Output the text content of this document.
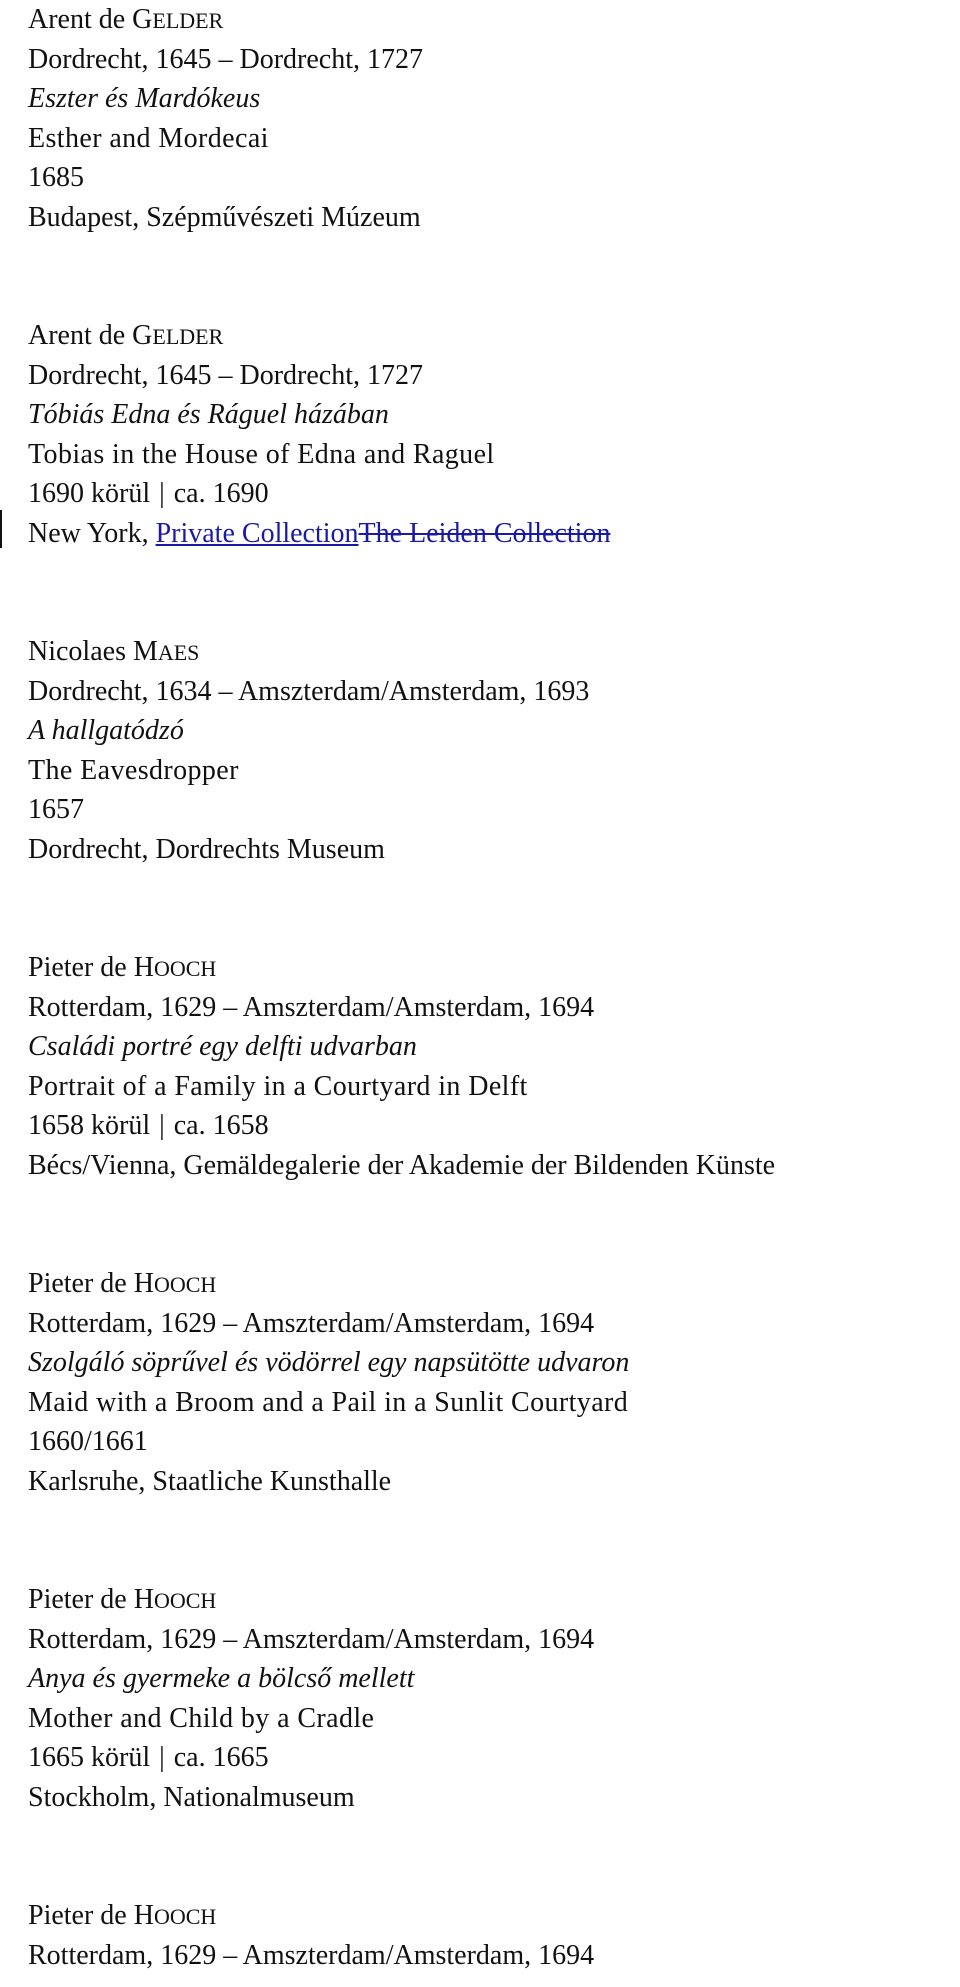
Arent de GELDER
Dordrecht, 1645 – Dordrecht, 1727
Eszter és Mardókeus
Esther and Mordecai
1685
Budapest, Szépművészeti Múzeum
Arent de GELDER
Dordrecht, 1645 – Dordrecht, 1727
Tóbiás Edna és Ráguel házában
Tobias in the House of Edna and Raguel
1690 körül | ca. 1690
New York, Private CollectionThe Leiden Collection
Nicolaes MAES
Dordrecht, 1634 – Amszterdam/Amsterdam, 1693
A hallgatódzó
The Eavesdropper
1657
Dordrecht, Dordrechts Museum
Pieter de HOOCH
Rotterdam, 1629 – Amszterdam/Amsterdam, 1694
Családi portré egy delfti udvarban
Portrait of a Family in a Courtyard in Delft
1658 körül | ca. 1658
Bécs/Vienna, Gemäldegalerie der Akademie der Bildenden Künste
Pieter de HOOCH
Rotterdam, 1629 – Amszterdam/Amsterdam, 1694
Szolgáló söprűvel és vödörrel egy napsütötte udvaron
Maid with a Broom and a Pail in a Sunlit Courtyard
1660/1661
Karlsruhe, Staatliche Kunsthalle
Pieter de HOOCH
Rotterdam, 1629 – Amszterdam/Amsterdam, 1694
Anya és gyermeke a bölcső mellett
Mother and Child by a Cradle
1665 körül | ca. 1665
Stockholm, Nationalmuseum
Pieter de HOOCH
Rotterdam, 1629 – Amszterdam/Amsterdam, 1694
